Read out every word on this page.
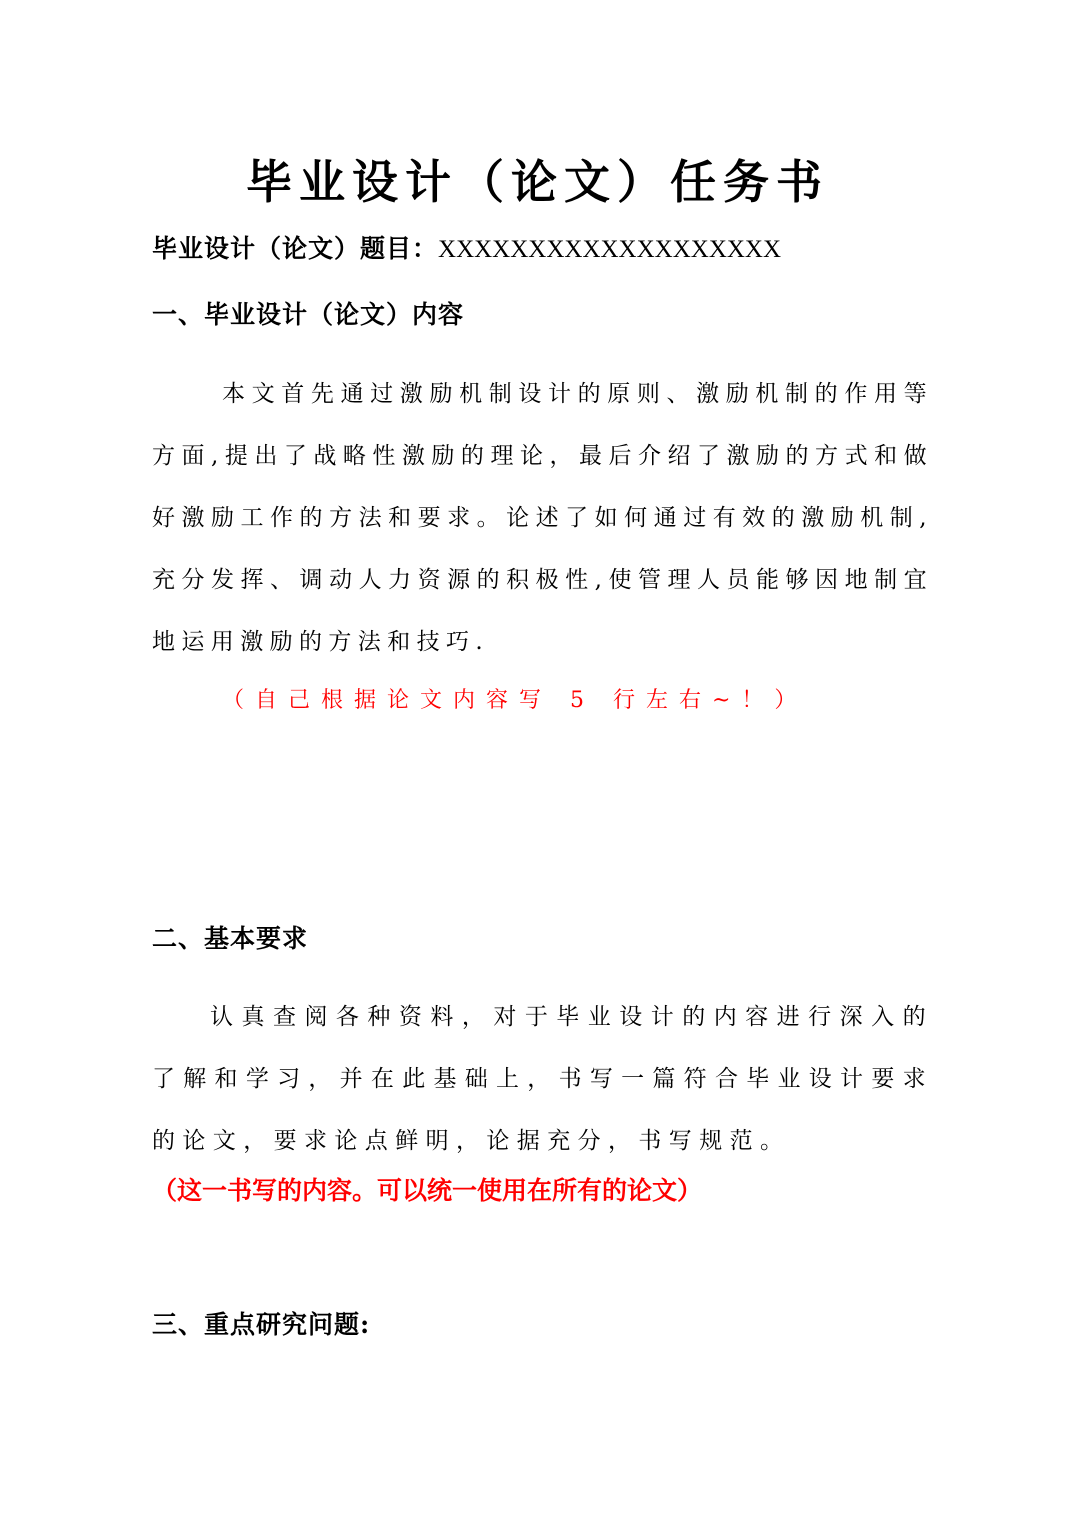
毕业设计（论文）任务书
毕业设计（论文）题目：XXXXXXXXXXXXXXXXXXX
一、毕业设计（论文）内容

本文首先通过激励机制设计的原则、激励机制的作用等方面,提出了战略性激励的理论，最后介绍了激励的方式和做好激励工作的方法和要求。论述了如何通过有效的激励机制,充分发挥、调动人力资源的积极性,使管理人员能够因地制宜地运用激励的方法和技巧.

（自己根据论文内容写 5 行左右~！）
二、基本要求

认真查阅各种资料，对于毕业设计的内容进行深入的了解和学习，并在此基础上，书写一篇符合毕业设计要求的论文，要求论点鲜明，论据充分，书写规范。

（这一书写的内容。可以统一使用在所有的论文）
三、重点研究问题:
